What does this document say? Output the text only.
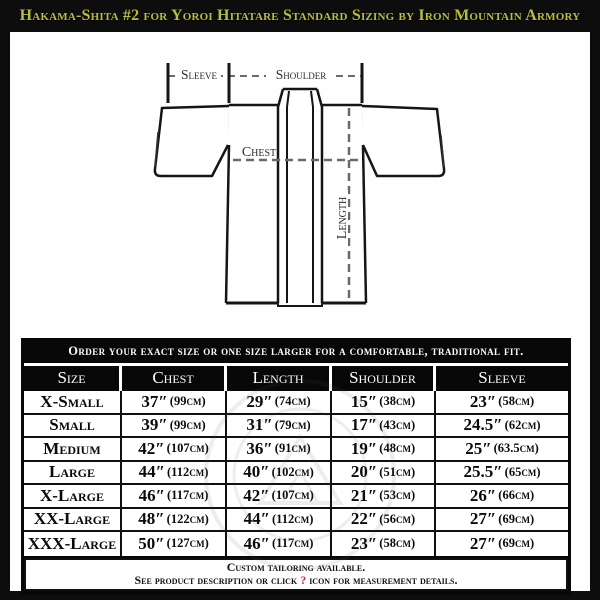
Hakama-Shita #2 for Yoroi Hitatare Standard Sizing by Iron Mountain Armory
Sleeve	Shoulder
Chest
Length
Order your exact size or one size larger for a comfortable, traditional fit.
Size	Chest	Length	Shoulder	Sleeve
X-Small 37″ (99cm) 29″ (74cm) 15″ (38cm)	23″ (58cm)
Small	39″ (99cm) 31″ (79cm) 17″ (43cm)	24.5″ (62cm)
Medium 42″ (107cm) 36″ (91cm) 19″ (48cm)	25″ (63.5cm)
Large	44″ (112cm) 40″ (102cm) 20″ (51cm)	25.5″ (65cm)
X-Large 46″ (117cm) 42″ (107cm) 21″ (53cm)	26″ (66cm)
XX-Large 48″ (122cm) 44″ (112cm) 22″ (56cm)	27″ (69cm)
XXX-Large 50″ (127cm) 46″ (117cm) 23″ (58cm)	27″ (69cm)
Custom tailoring available.
See product description or click ? icon for measurement details.
